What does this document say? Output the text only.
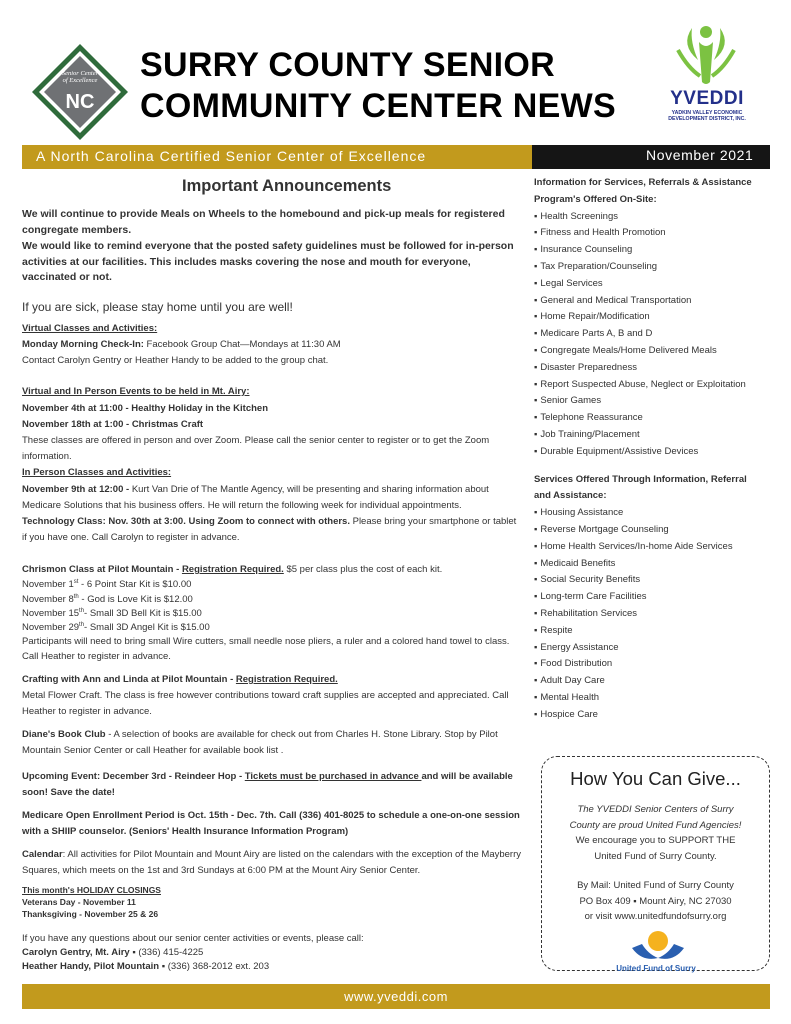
Senior Center
of Excellence
NC
SURRY COUNTY SENIOR
COMMUNITY CENTER NEWS	YVEDDI
YADKIN VALLEY ECONOMIC
DEVELOPMENT DISTRICT, INC.
A North Carolina Certified Senior Center of Excellence	November 2021
Important Announcements
We will continue to provide Meals on Wheels to the homebound and pick-up meals for registered congregate members.
We would like to remind everyone that the posted safety guidelines must be followed for in-person activities at our facilities. This includes masks covering the nose and mouth for everyone, vaccinated or not.
If you are sick, please stay home until you are well!
Virtual Classes and Activities:
Monday Morning Check-In: Facebook Group Chat—Mondays at 11:30 AM
Contact Carolyn Gentry or Heather Handy to be added to the group chat.
Virtual and In Person Events to be held in Mt. Airy:
November 4th at 11:00 - Healthy Holiday in the Kitchen
November 18th at 1:00 - Christmas Craft
These classes are offered in person and over Zoom. Please call the senior center to register or to get the Zoom information.
In Person Classes and Activities:
November 9th at 12:00 - Kurt Van Drie of The Mantle Agency, will be presenting and sharing information about Medicare Solutions that his business offers. He will return the following week for individual appointments.
Technology Class: Nov. 30th at 3:00. Using Zoom to connect with others. Please bring your smartphone or tablet if you have one. Call Carolyn to register in advance.
Chrismon Class at Pilot Mountain - Registration Required. $5 per class plus the cost of each kit.
November 1st - 6 Point Star Kit is $10.00
November 8th - God is Love Kit is $12.00
November 15th- Small 3D Bell Kit is $15.00
November 29th- Small 3D Angel Kit is $15.00
Participants will need to bring small Wire cutters, small needle nose pliers, a ruler and a colored hand towel to class. Call Heather to register in advance.
Crafting with Ann and Linda at Pilot Mountain - Registration Required.
Metal Flower Craft. The class is free however contributions toward craft supplies are accepted and appreciated. Call Heather to register in advance.
Diane's Book Club - A selection of books are available for check out from Charles H. Stone Library. Stop by Pilot Mountain Senior Center or call Heather for available book list .
Upcoming Event: December 3rd - Reindeer Hop - Tickets must be purchased in advance and will be available soon! Save the date!
Medicare Open Enrollment Period is Oct. 15th - Dec. 7th. Call (336) 401-8025 to schedule a one-on-one session with a SHIIP counselor. (Seniors' Health Insurance Information Program)
Calendar: All activities for Pilot Mountain and Mount Airy are listed on the calendars with the exception of the Mayberry Squares, which meets on the 1st and 3rd Sundays at 6:00 PM at the Mount Airy Senior Center.
This month's HOLIDAY CLOSINGS
Veterans Day - November 11
Thanksgiving - November 25 & 26
If you have any questions about our senior center activities or events, please call:
Carolyn Gentry, Mt. Airy ▪ (336) 415-4225
Heather Handy, Pilot Mountain ▪ (336) 368-2012 ext. 203
Information for Services, Referrals & Assistance
Program's Offered On-Site:
▪ Health Screenings
▪ Fitness and Health Promotion
▪ Insurance Counseling
▪ Tax Preparation/Counseling
▪ Legal Services
▪ General and Medical Transportation
▪ Home Repair/Modification
▪ Medicare Parts A, B and D
▪ Congregate Meals/Home Delivered Meals
▪ Disaster Preparedness
▪ Report Suspected Abuse, Neglect or Exploitation
▪ Senior Games
▪ Telephone Reassurance
▪ Job Training/Placement
▪ Durable Equipment/Assistive Devices
Services Offered Through Information, Referral and Assistance:
▪ Housing Assistance
▪ Reverse Mortgage Counseling
▪ Home Health Services/In-home Aide Services
▪ Medicaid Benefits
▪ Social Security Benefits
▪ Long-term Care Facilities
▪ Rehabilitation Services
▪ Respite
▪ Energy Assistance
▪ Food Distribution
▪ Adult Day Care
▪ Mental Health
▪ Hospice Care
How You Can Give...
The YVEDDI Senior Centers of Surry
County are proud United Fund Agencies!
We encourage you to SUPPORT THE
United Fund of Surry County.
By Mail: United Fund of Surry County
PO Box 409 ▪ Mount Airy, NC 27030
or visit www.unitedfundofsurry.org
United Fund of Surry
www.yveddi.com
